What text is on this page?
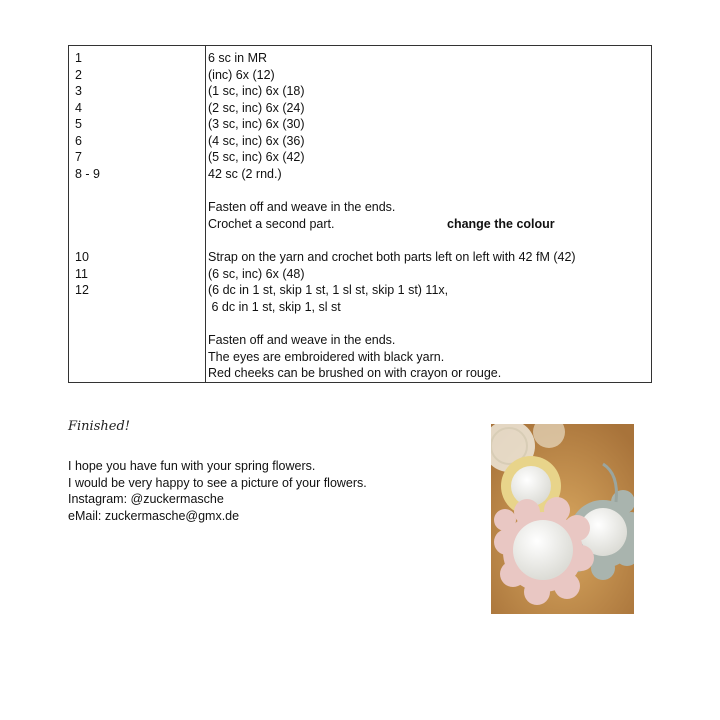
1	6 sc in MR
2	(inc) 6x (12)
3	(1 sc, inc) 6x (18)
4	(2 sc, inc) 6x (24)
5	(3 sc, inc) 6x (30)
6	(4 sc, inc) 6x (36)
7	(5 sc, inc) 6x (42)
8 - 9	42 sc (2 rnd.)
Fasten off and weave in the ends.
Crochet a second part.	change the colour
10	Strap on the yarn and crochet both parts left on left with 42 fM (42)
11	(6 sc, inc) 6x (48)
12	(6 dc in 1 st, skip 1 st, 1 sl st, skip 1 st) 11x,
6 dc in 1 st, skip 1, sl st
Fasten off and weave in the ends.
The eyes are embroidered with black yarn.
Red cheeks can be brushed on with crayon or rouge.
Finished!
I hope you have fun with your spring flowers.
I would be very happy to see a picture of your flowers.
Instagram: @zuckermasche
eMail: zuckermasche@gmx.de
